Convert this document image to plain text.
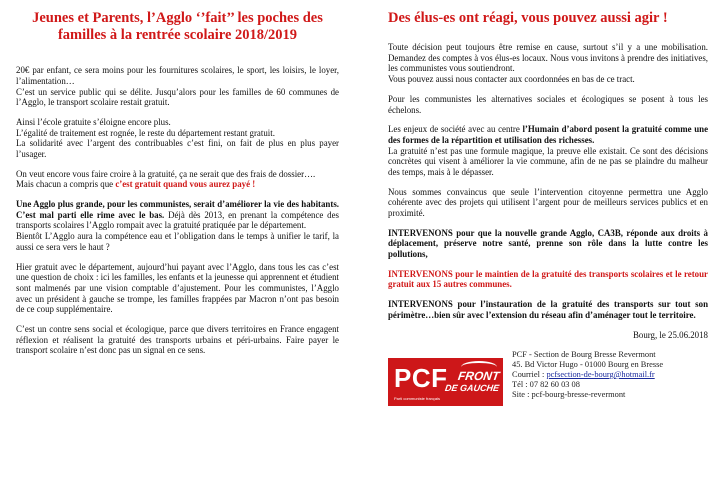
Jeunes et Parents, l’Agglo ‘’fait’’ les poches des familles à la rentrée scolaire 2018/2019

20€ par enfant, ce sera moins pour les fournitures scolaires, le sport, les loisirs, le loyer, l’alimentation…
C’est un service public qui se délite. Jusqu’alors pour les familles de 60 communes de l’Agglo, le transport scolaire restait gratuit.

Ainsi l’école gratuite s’éloigne encore plus.
L’égalité de traitement est rognée, le reste du département restant gratuit.
La solidarité avec l’argent des contribuables c’est fini, on fait de plus en plus payer l’usager.

On veut encore vous faire croire à la gratuité, ça ne serait que des frais de dossier….
Mais chacun a compris que c’est gratuit quand vous aurez payé !

Une Agglo plus grande, pour les communistes, serait d’améliorer la vie des habitants. C’est mal parti elle rime avec le bas. Déjà dès 2013, en prenant la compétence des transports scolaires l’Agglo rompait avec la gratuité pratiquée par le département.
Bientôt L’Agglo aura la compétence eau et l’obligation dans le temps à unifier le tarif, la aussi ce sera vers le haut ?

Hier gratuit avec le département, aujourd’hui payant avec l’Agglo, dans tous les cas c’est une question de choix : ici les familles, les enfants et la jeunesse qui apprennent et étudient sont malmenés par une vision comptable d’ajustement. Pour les communistes, l’Agglo avec un président à gauche se trompe, les familles frappées par Macron n’ont pas besoin de ce coup supplémentaire.

C’est un contre sens social et écologique, parce que divers territoires en France engagent réflexion et réalisent la gratuité des transports urbains et péri-urbains. Faire payer le transport scolaire n’est donc pas un signal en ce sens.

Des élus-es ont réagi, vous pouvez aussi agir !

Toute décision peut toujours être remise en cause, surtout s’il y a une mobilisation. Demandez des comptes à vos élus-es locaux. Nous vous invitons à prendre des initiatives, les communistes vous soutiendront.
Vous pouvez aussi nous contacter aux coordonnées en bas de ce tract.

Pour les communistes les alternatives sociales et écologiques se posent à tous les échelons.

Les enjeux de société avec au centre l’Humain d’abord posent la gratuité comme une des formes de la répartition et utilisation des richesses.
La gratuité n’est pas une formule magique, la preuve elle existait. Ce sont des décisions concrètes qui visent à améliorer la vie commune, afin de ne pas se plaindre du malheur des temps, mais à le dépasser.

Nous sommes convaincus que seule l’intervention citoyenne permettra une Agglo cohérente avec des projets qui utilisent l’argent pour de meilleurs services publics et en proximité.

INTERVENONS pour que la nouvelle grande Agglo, CA3B, réponde aux droits à déplacement, préserve notre santé, prenne son rôle dans la lutte contre les pollutions,

INTERVENONS pour le maintien de la gratuité des transports scolaires et le retour gratuit aux 15 autres communes.

INTERVENONS pour l’instauration de la gratuité des transports sur tout son périmètre…bien sûr avec l’extension du réseau afin d’aménager tout le territoire.

Bourg, le 25.06.2018
PCF
Parti communiste français
FRONT
DE GAUCHE
PCF - Section de Bourg Bresse Revermont
45. Bd Victor Hugo - 01000 Bourg en Bresse
Courriel : pcfsection-de-bourg@hotmail.fr
Tél : 07 82 60 03 08
Site : pcf-bourg-bresse-revermont
